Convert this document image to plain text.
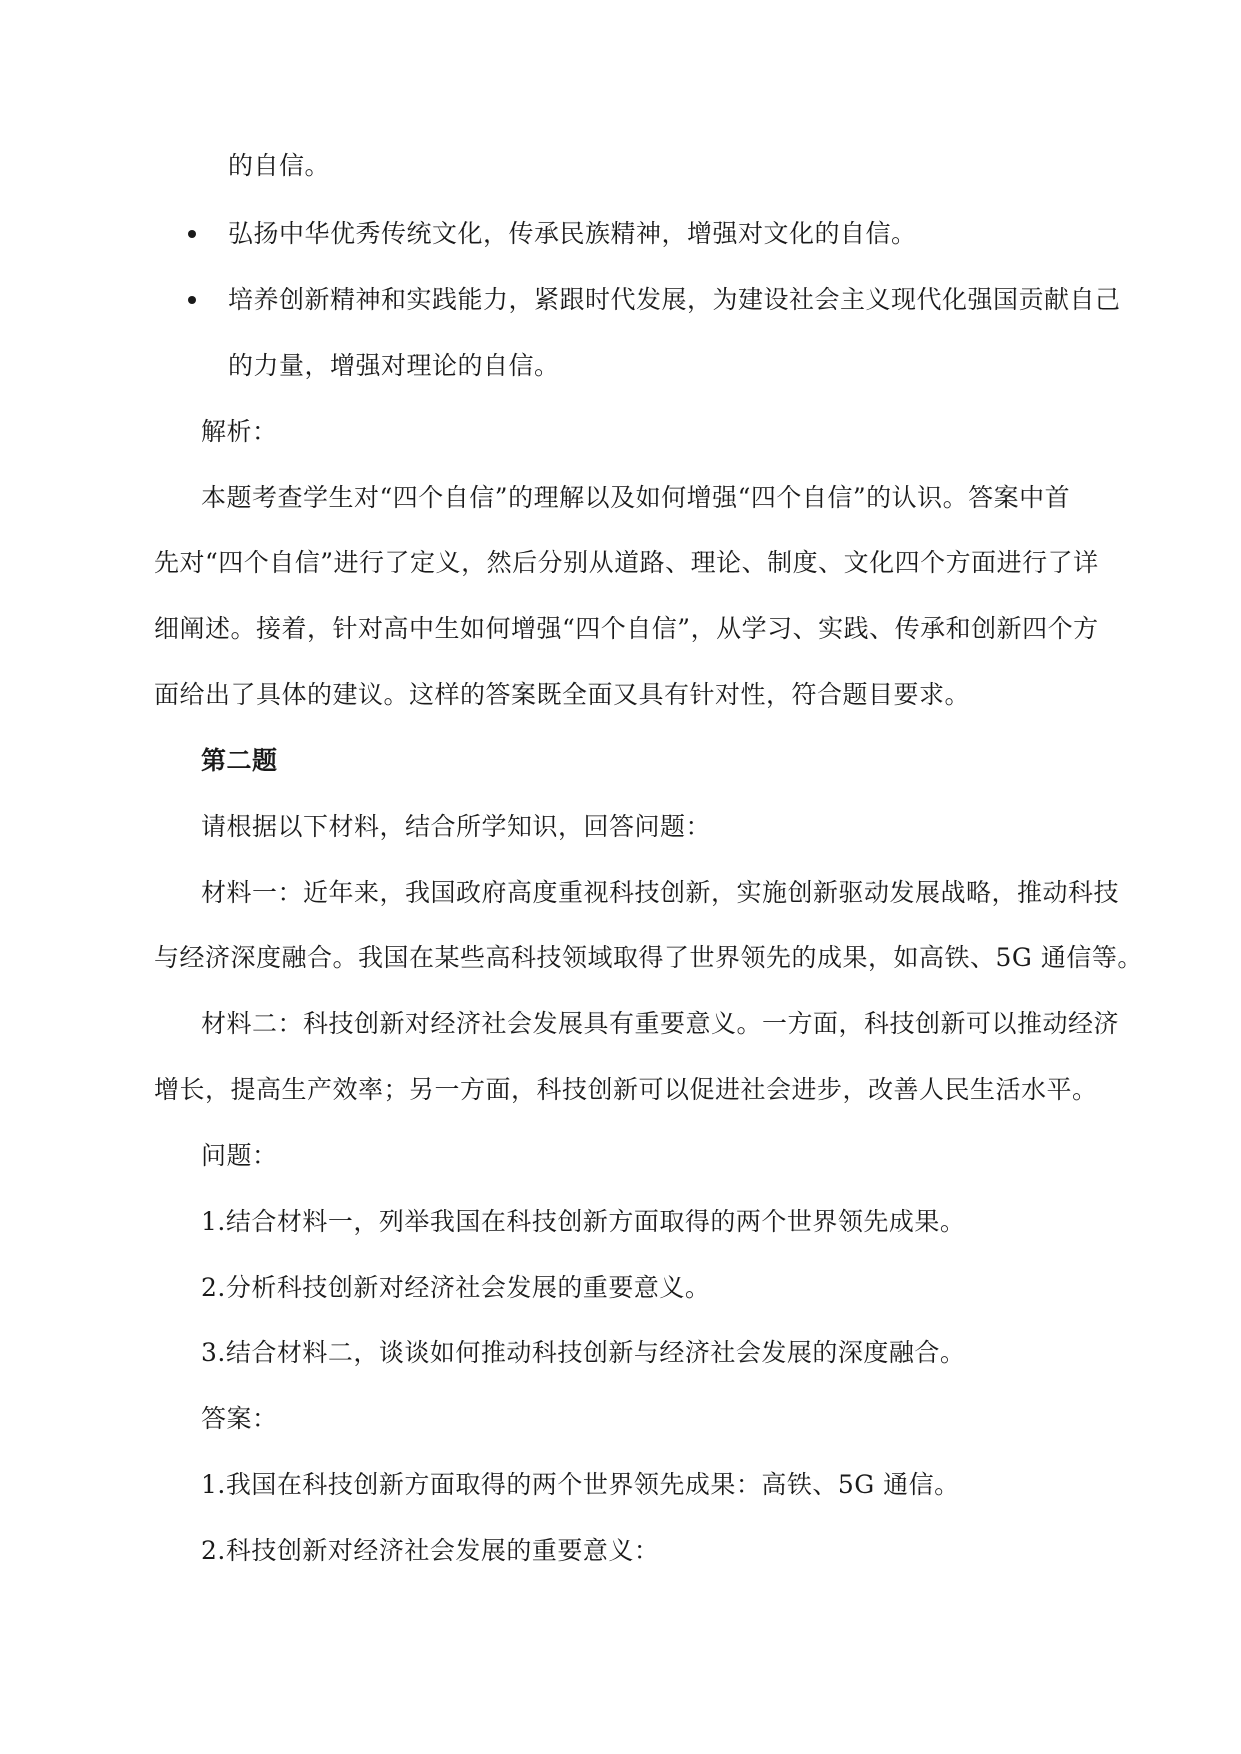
的自信。
弘扬中华优秀传统文化，传承民族精神，增强对文化的自信。
培养创新精神和实践能力，紧跟时代发展，为建设社会主义现代化强国贡献自己
的力量，增强对理论的自信。
解析：
本题考查学生对“四个自信”的理解以及如何增强“四个自信”的认识。答案中首
先对“四个自信”进行了定义，然后分别从道路、理论、制度、文化四个方面进行了详
细阐述。接着，针对高中生如何增强“四个自信”，从学习、实践、传承和创新四个方
面给出了具体的建议。这样的答案既全面又具有针对性，符合题目要求。
第二题
请根据以下材料，结合所学知识，回答问题：
材料一：近年来，我国政府高度重视科技创新，实施创新驱动发展战略，推动科技
与经济深度融合。我国在某些高科技领域取得了世界领先的成果，如高铁、5G 通信等。
材料二：科技创新对经济社会发展具有重要意义。一方面，科技创新可以推动经济
增长，提高生产效率；另一方面，科技创新可以促进社会进步，改善人民生活水平。
问题：
1.结合材料一，列举我国在科技创新方面取得的两个世界领先成果。
2.分析科技创新对经济社会发展的重要意义。
3.结合材料二，谈谈如何推动科技创新与经济社会发展的深度融合。
答案：
1.我国在科技创新方面取得的两个世界领先成果：高铁、5G 通信。
2.科技创新对经济社会发展的重要意义：
